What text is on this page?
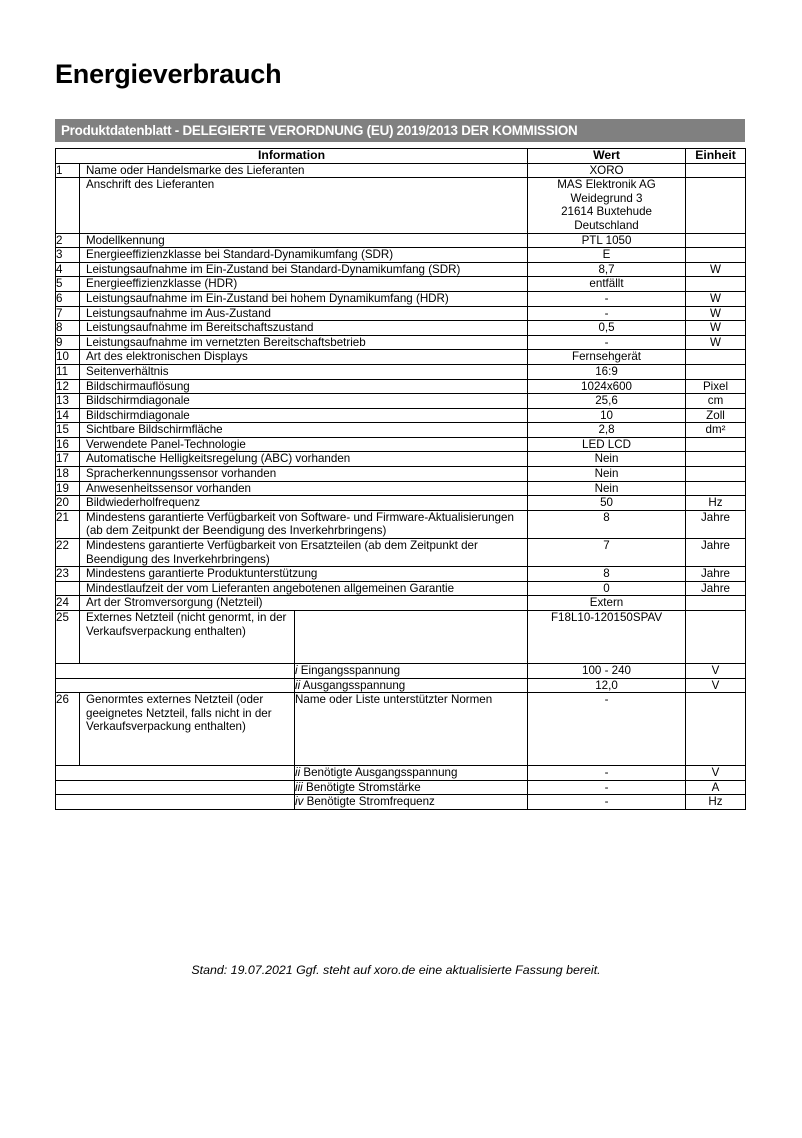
Energieverbrauch
Produktdatenblatt - DELEGIERTE VERORDNUNG (EU) 2019/2013 DER KOMMISSION
Information			Wert	Einheit
1	Name oder Handelsmarke des Lieferanten		XORO	
	Anschrift des Lieferanten		MAS Elektronik AG
Weidegrund 3
21614 Buxtehude
Deutschland	
2	Modellkennung		PTL 1050	
3	Energieeffizienzklasse bei Standard-Dynamikumfang (SDR)		E	
4	Leistungsaufnahme im Ein-Zustand bei Standard-Dynamikumfang (SDR)		8,7	W
5	Energieeffizienzklasse (HDR)		entfällt	
6	Leistungsaufnahme im Ein-Zustand bei hohem Dynamikumfang (HDR)		-	W
7	Leistungsaufnahme im Aus-Zustand		-	W
8	Leistungsaufnahme im Bereitschaftszustand		0,5	W
9	Leistungsaufnahme im vernetzten Bereitschaftsbetrieb		-	W
10	Art des elektronischen Displays		Fernsehgerät	
11	Seitenverhältnis		16:9	
12	Bildschirmauflösung		1024x600	Pixel
13	Bildschirmdiagonale		25,6	cm
14	Bildschirmdiagonale		10	Zoll
15	Sichtbare Bildschirmfläche		2,8	dm²
16	Verwendete Panel-Technologie		LED LCD	
17	Automatische Helligkeitsregelung (ABC) vorhanden		Nein	
18	Spracherkennungssensor vorhanden		Nein	
19	Anwesenheitssensor vorhanden		Nein	
20	Bildwiederholfrequenz		50	Hz
21	Mindestens garantierte Verfügbarkeit von Software- und Firmware-Aktualisierungen (ab dem Zeitpunkt der Beendigung des Inverkehrbringens)		8	Jahre
22	Mindestens garantierte Verfügbarkeit von Ersatzteilen (ab dem Zeitpunkt der Beendigung des Inverkehrbringens)		7	Jahre
23	Mindestens garantierte Produktunterstützung		8	Jahre
	Mindestlaufzeit der vom Lieferanten angebotenen allgemeinen Garantie		0	Jahre
24	Art der Stromversorgung (Netzteil)		Extern	
25	Externes Netzteil (nicht genormt, in der Verkaufsverpackung enthalten)		F18L10-120150SPAV	
		i Eingangsspannung	100 - 240	V
		ii Ausgangsspannung	12,0	V
26	Genormtes externes Netzteil (oder geeignetes Netzteil, falls nicht in der Verkaufsverpackung enthalten)	Name oder Liste unterstützter Normen	-	
		ii Benötigte Ausgangsspannung	-	V
		iii Benötigte Stromstärke	-	A
		iv Benötigte Stromfrequenz	-	Hz
Stand: 19.07.2021 Ggf. steht auf xoro.de eine aktualisierte Fassung bereit.
